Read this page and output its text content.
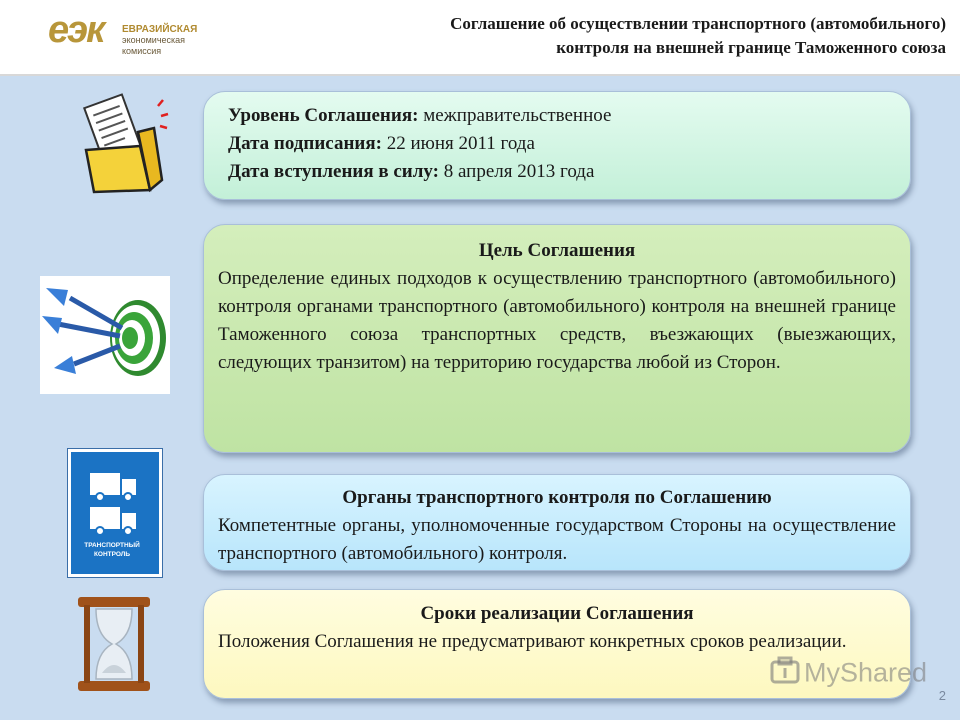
еэк ЕВРАЗИЙСКАЯ
экономическая
комиссия
Соглашение об осуществлении транспортного (автомобильного)
контроля на внешней границе Таможенного союза
ТРАНСПОРТНЫЙ КОНТРОЛЬ
Уровень Соглашения: межправительственное
Дата подписания: 22 июня 2011 года
Дата вступления в силу: 8 апреля 2013 года
Цель Соглашения
Определение единых подходов к осуществлению транспортного (автомобильного) контроля органами транспортного (автомобильного) контроля на внешней границе Таможенного союза транспортных средств, въезжающих (выезжающих, следующих транзитом) на территорию государства любой из Сторон.
Органы транспортного контроля по Соглашению
Компетентные органы, уполномоченные государством Стороны на осуществление транспортного (автомобильного) контроля.
Сроки реализации Соглашения
Положения Соглашения не предусматривают конкретных сроков реализации.
MyShared
2
